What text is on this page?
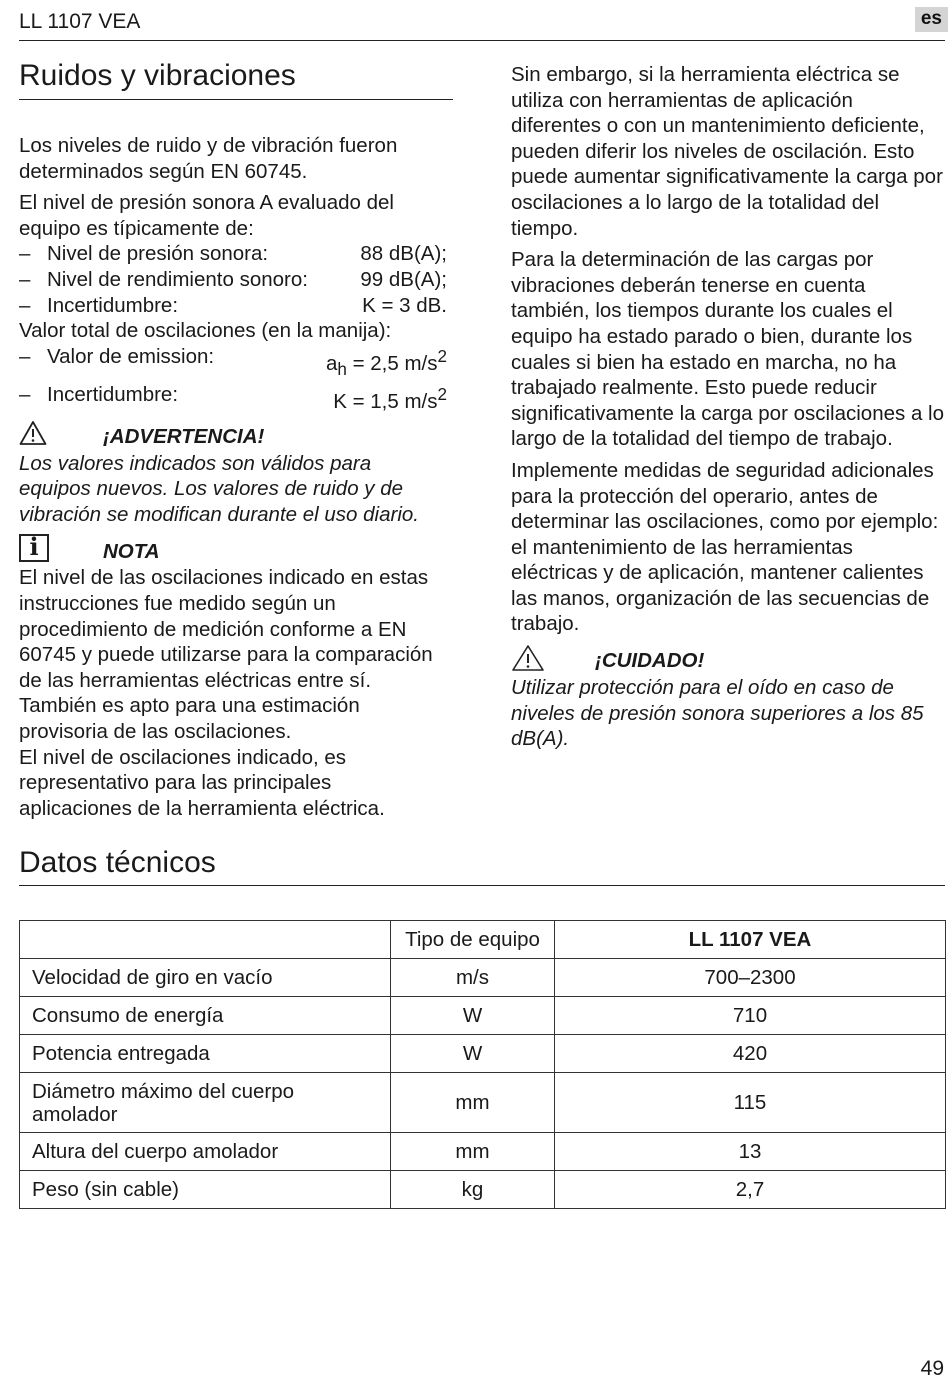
LL 1107 VEA	es
Ruidos y vibraciones

Los niveles de ruido y de vibración fueron determinados según EN 60745.

El nivel de presión sonora A evaluado del equipo es típicamente de:

– Nivel de presión sonora:	88 dB(A);
– Nivel de rendimiento sonoro:	99 dB(A);
– Incertidumbre:	K = 3 dB.

Valor total de oscilaciones (en la manija):

– Valor de emission:	$a_h = 2,5$ $m/s^2$
– Incertidumbre:	K = 1,5 $m/s^2$
¡ADVERTENCIA!

Los valores indicados son válidos para equipos nuevos. Los valores de ruido y de vibración se modifican durante el uso diario.

i	NOTA

El nivel de las oscilaciones indicado en estas instrucciones fue medido según un procedimiento de medición conforme a EN 60745 y puede utilizarse para la comparación de las herramientas eléctricas entre sí.

También es apto para una estimación provisoria de las oscilaciones.

El nivel de oscilaciones indicado, es representativo para las principales aplicaciones de la herramienta eléctrica.

Sin embargo, si la herramienta eléctrica se utiliza con herramientas de aplicación diferentes o con un mantenimiento deficiente, pueden diferir los niveles de oscilación. Esto puede aumentar significativamente la carga por oscilaciones a lo largo de la totalidad del tiempo.

Para la determinación de las cargas por vibraciones deberán tenerse en cuenta también, los tiempos durante los cuales el equipo ha estado parado o bien, durante los cuales si bien ha estado en marcha, no ha trabajado realmente. Esto puede reducir significativamente la carga por oscilaciones a lo largo de la totalidad del tiempo de trabajo.

Implemente medidas de seguridad adicionales para la protección del operario, antes de determinar las oscilaciones, como por ejemplo: el mantenimiento de las herramientas eléctricas y de aplicación, mantener calientes las manos, organización de las secuencias de trabajo.

¡CUIDADO!

Utilizar protección para el oído en caso de niveles de presión sonora superiores a los 85 dB(A).

Datos técnicos
	Tipo de equipo	LL 1107 VEA
Velocidad de giro en vacío	m/s	700–2300
Consumo de energía	W	710
Potencia entregada	W	420
Diámetro máximo del cuerpo amolador	mm	115
Altura del cuerpo amolador	mm	13
Peso (sin cable)	kg	2,7
49
